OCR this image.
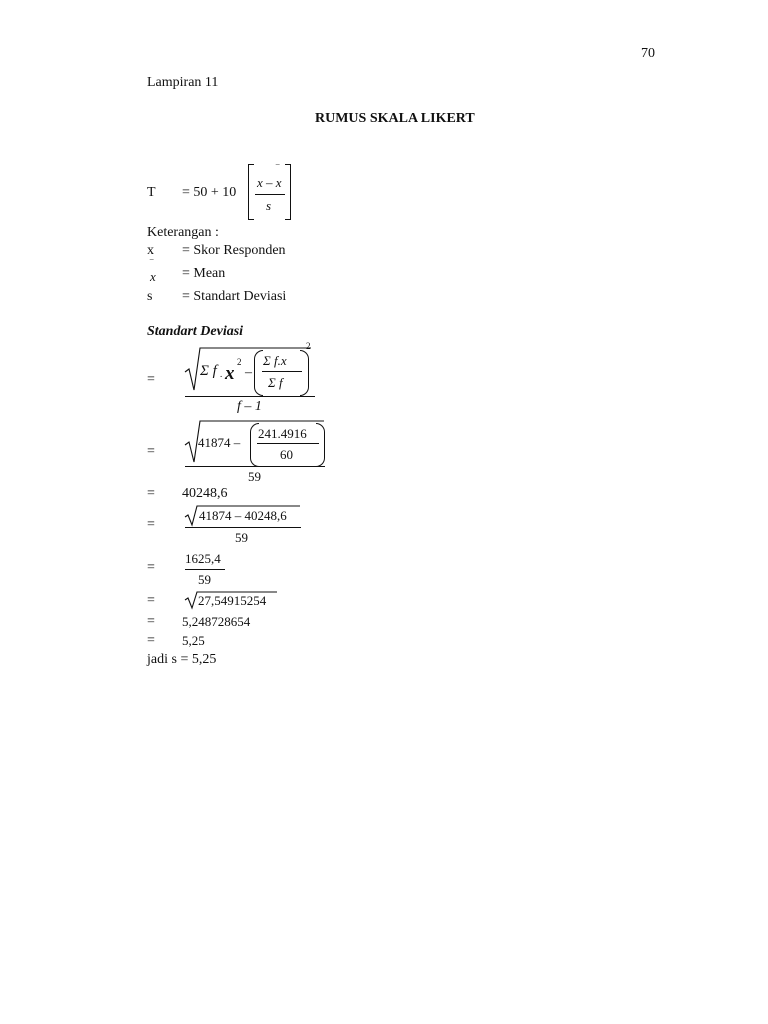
70
Lampiran 11
RUMUS SKALA LIKERT
T = 50 + 10
x – x
‾
s
Keterangan :
x = Skor Responden
x
‾
= Mean
s = Standart Deviasi
Standart Deviasi
=
Σ f . x
2
–
Σ f.x
Σ f
2
f – 1
=
41874 –
241.4916
60
59
= 40248,6
=
41874 – 40248,6
59
=
1625,4
59
=	27,54915254
= 5,248728654
= 5,25
jadi s = 5,25
